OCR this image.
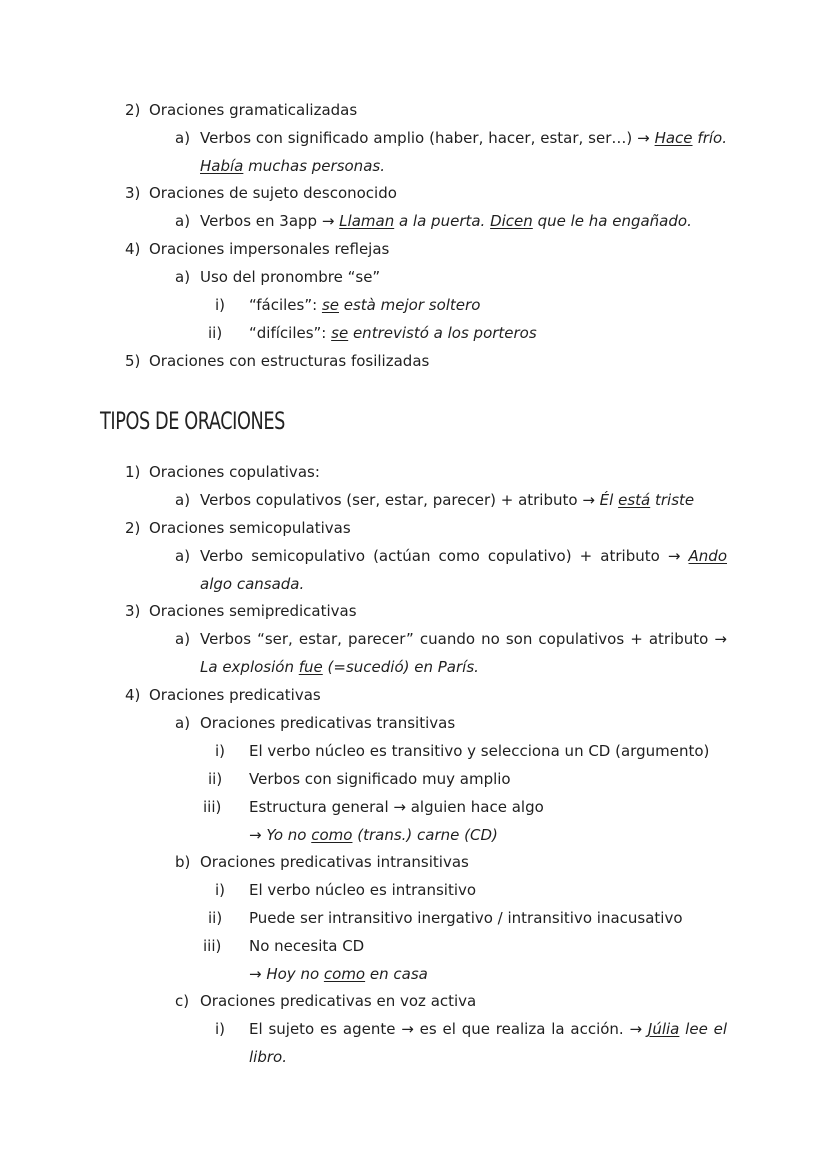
2) Oraciones gramaticalizadas
a) Verbos con significado amplio (haber, hacer, estar, ser…) → Hace frío. Había muchas personas.
3) Oraciones de sujeto desconocido
a) Verbos en 3app → Llaman a la puerta. Dicen que le ha engañado.
4) Oraciones impersonales reflejas
a) Uso del pronombre “se”
i) “fáciles”: se està mejor soltero
ii) “difíciles”: se entrevistó a los porteros
5) Oraciones con estructuras fosilizadas
TIPOS DE ORACIONES
1) Oraciones copulativas:
a) Verbos copulativos (ser, estar, parecer) + atributo → Él está triste
2) Oraciones semicopulativas
a) Verbo semicopulativo (actúan como copulativo) + atributo → Ando algo cansada.
3) Oraciones semipredicativas
a) Verbos “ser, estar, parecer” cuando no son copulativos + atributo → La explosión fue (=sucedió) en París.
4) Oraciones predicativas
a) Oraciones predicativas transitivas
i) El verbo núcleo es transitivo y selecciona un CD (argumento)
ii) Verbos con significado muy amplio
iii) Estructura general → alguien hace algo
→ Yo no como (trans.) carne (CD)
b) Oraciones predicativas intransitivas
i) El verbo núcleo es intransitivo
ii) Puede ser intransitivo inergativo / intransitivo inacusativo
iii) No necesita CD
→ Hoy no como en casa
c) Oraciones predicativas en voz activa
i) El sujeto es agente → es el que realiza la acción. → Júlia lee el libro.
